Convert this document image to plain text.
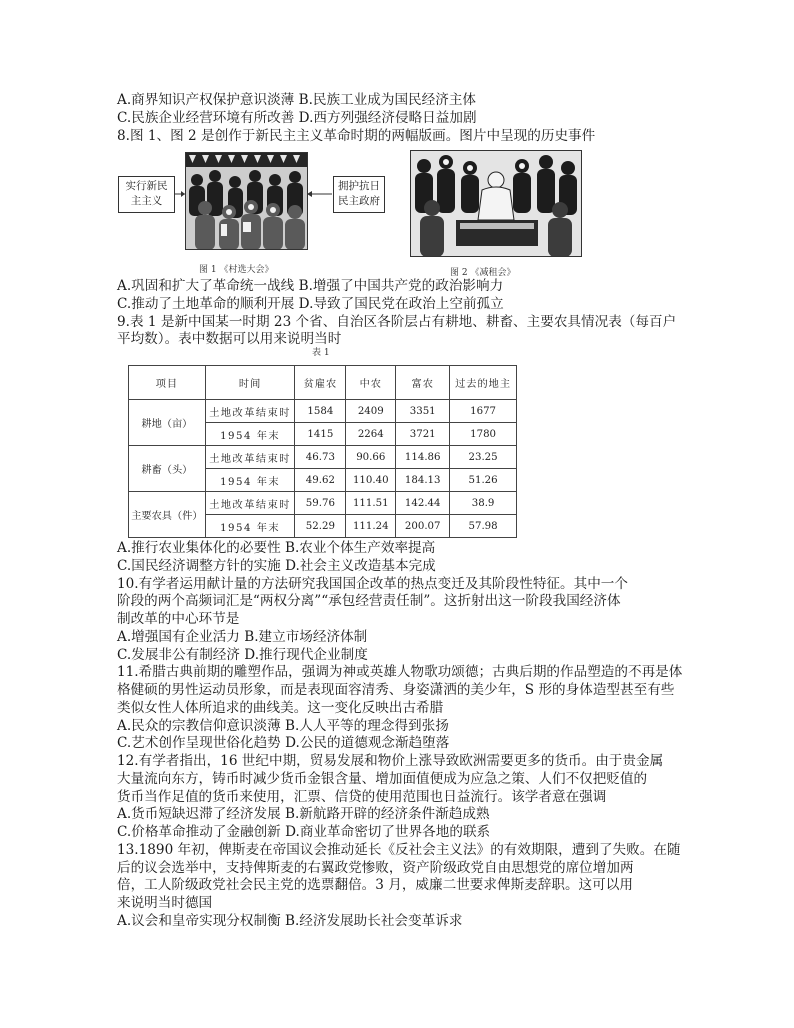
A.商界知识产权保护意识淡薄 B.民族工业成为国民经济主体
C.民族企业经营环境有所改善 D.西方列强经济侵略日益加剧
8.图 1、图 2 是创作于新民主主义革命时期的两幅版画。图片中呈现的历史事件
实行新民
主主义
拥护抗日
民主政府
图 1 《村选大会》	图 2 《减租会》
A.巩固和扩大了革命统一战线 B.增强了中国共产党的政治影响力
C.推动了土地革命的顺利开展 D.导致了国民党在政治上空前孤立
9.表 1 是新中国某一时期 23 个省、自治区各阶层占有耕地、耕畜、主要农具情况表（每百户
平均数）。表中数据可以用来说明当时
表 1
项目	时间	贫雇农	中农	富农	过去的地主
耕地（亩）	土地改革结束时	1584	2409	3351	1677
	1954 年末	1415	2264	3721	1780
耕畜（头）	土地改革结束时	46.73	90.66	114.86	23.25
	1954 年末	49.62	110.40	184.13	51.26
主要农具（件）	土地改革结束时	59.76	111.51	142.44	38.9
	1954 年末	52.29	111.24	200.07	57.98
A.推行农业集体化的必要性 B.农业个体生产效率提高
C.国民经济调整方针的实施 D.社会主义改造基本完成
10.有学者运用献计量的方法研究我国国企改革的热点变迁及其阶段性特征。其中一个
阶段的两个高频词汇是“两权分离”“承包经营责任制”。这折射出这一阶段我国经济体
制改革的中心环节是
A.增强国有企业活力 B.建立市场经济体制
C.发展非公有制经济 D.推行现代企业制度
11.希腊古典前期的雕塑作品，强调为神或英雄人物歌功颂德；古典后期的作品塑造的不再是体
格健硕的男性运动员形象，而是表现面容清秀、身姿潇洒的美少年，S 形的身体造型甚至有些
类似女性人体所追求的曲线美。这一变化反映出古希腊
A.民众的宗教信仰意识淡薄 B.人人平等的理念得到张扬
C.艺术创作呈现世俗化趋势 D.公民的道德观念渐趋堕落
12.有学者指出，16 世纪中期，贸易发展和物价上涨导致欧洲需要更多的货币。由于贵金属
大量流向东方，铸币时减少货币金银含量、增加面值便成为应急之策、人们不仅把贬值的
货币当作足值的货币来使用，汇票、信贷的使用范围也日益流行。该学者意在强调
A.货币短缺迟滞了经济发展 B.新航路开辟的经济条件渐趋成熟
C.价格革命推动了金融创新 D.商业革命密切了世界各地的联系
13.1890 年初，俾斯麦在帝国议会推动延长《反社会主义法》的有效期限，遭到了失败。在随
后的议会选举中，支持俾斯麦的右翼政党惨败，资产阶级政党自由思想党的席位增加两
倍，工人阶级政党社会民主党的选票翻倍。3 月，威廉二世要求俾斯麦辞职。这可以用
来说明当时德国
A.议会和皇帝实现分权制衡 B.经济发展助长社会变革诉求
